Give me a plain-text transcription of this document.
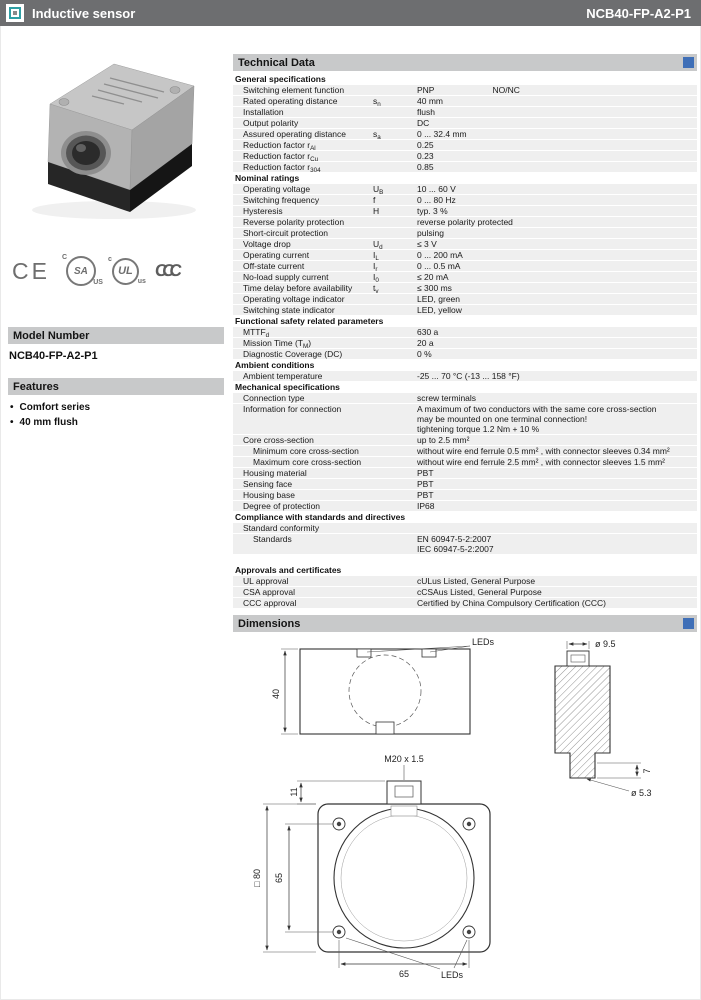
Inductive sensor	NCB40-FP-A2-P1
CE SA
C
US
UL
c
us
CCC
Model Number
NCB40-FP-A2-P1
Features
• Comfort series
• 40 mm flush
Technical Data
General specifications
Switching element function	PNP	NO/NC
Rated operating distance	$s_n$	40 mm
Installation	flush
Output polarity	DC
Assured operating distance	$s_a$	0 ... 32.4 mm
Reduction factor $r_{Al}$	0.25
Reduction factor $r_{Cu}$	0.23
Reduction factor $r_{304}$	0.85
Nominal ratings
Operating voltage	$U_B$	10 ... 60 V
Switching frequency	f	0 ... 80 Hz
Hysteresis	H	typ. 3 %
Reverse polarity protection	reverse polarity protected
Short-circuit protection	pulsing
Voltage drop	$U_d$	≤ 3 V
Operating current	$I_L$	0 ... 200 mA
Off-state current	$I_r$	0 ... 0.5 mA
No-load supply current	$I_0$	≤ 20 mA
Time delay before availability	$t_v$	≤ 300 ms
Operating voltage indicator	LED, green
Switching state indicator	LED, yellow
Functional safety related parameters
$MTTF_d$	630 a
Mission Time $(T_M)$	20 a
Diagnostic Coverage (DC)	0 %
Ambient conditions
Ambient temperature	-25 ... 70 °C (-13 ... 158 °F)
Mechanical specifications
Connection type	screw terminals
Information for connection	A maximum of two conductors with the same core cross-section
may be mounted on one terminal connection!
tightening torque 1.2 Nm + 10 %
Core cross-section	up to 2.5 mm²
Minimum core cross-section	without wire end ferrule 0.5 mm² , with connector sleeves 0.34 mm²
Maximum core cross-section	without wire end ferrule 2.5 mm² , with connector sleeves 1.5 mm²
Housing material	PBT
Sensing face	PBT
Housing base	PBT
Degree of protection	IP68
Compliance with standards and directives
Standard conformity
Standards	EN 60947-5-2:2007
IEC 60947-5-2:2007
Approvals and certificates
UL approval	cULus Listed, General Purpose
CSA approval	cCSAus Listed, General Purpose
CCC approval	Certified by China Compulsory Certification (CCC)
Dimensions
40
LEDs	ø 9.5
7
ø 5.3
M20 x 1.5
11
□ 80 65
65	LEDs
